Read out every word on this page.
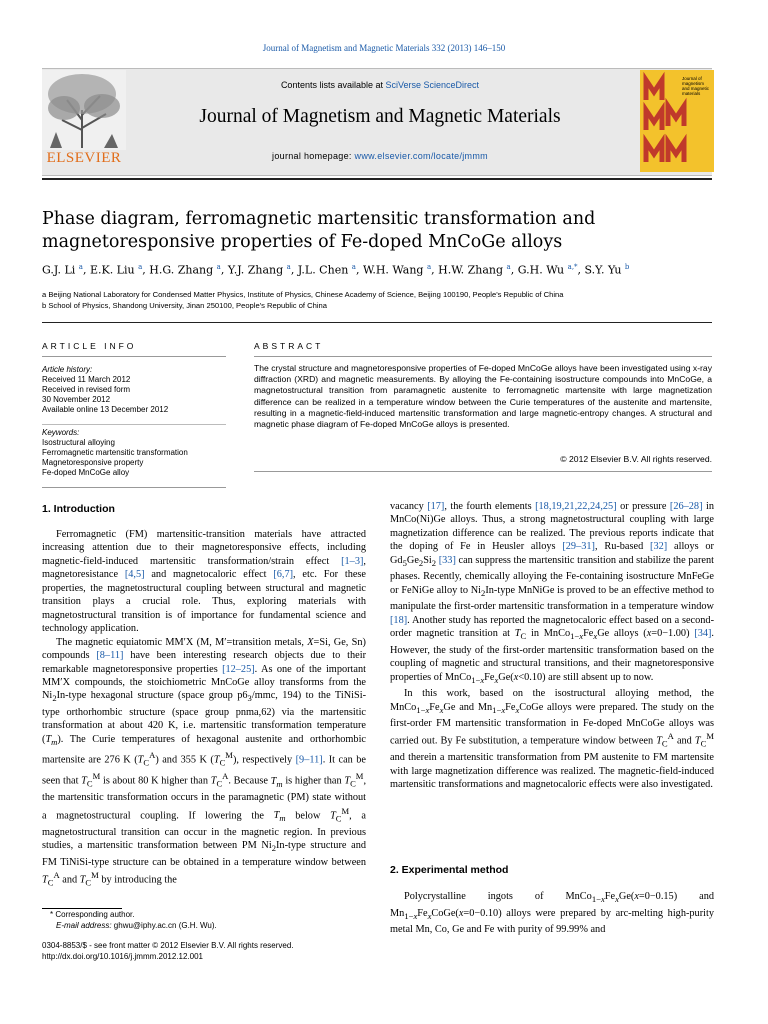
Journal of Magnetism and Magnetic Materials 332 (2013) 146–150
ELSEVIER
Contents lists available at SciVerse ScienceDirect
Journal of Magnetism and Magnetic Materials
journal homepage: www.elsevier.com/locate/jmmm
Journal of magnetism and magnetic materials
Phase diagram, ferromagnetic martensitic transformation and
magnetoresponsive properties of Fe-doped MnCoGe alloys
G.J. Li $^a$, E.K. Liu $^a$, H.G. Zhang $^a$, Y.J. Zhang $^a$, J.L. Chen $^a$, W.H. Wang $^a$, H.W. Zhang $^a$, G.H. Wu $^{a,*}$, S.Y. Yu $^b$
a Beijing National Laboratory for Condensed Matter Physics, Institute of Physics, Chinese Academy of Science, Beijing 100190, People's Republic of China
b School of Physics, Shandong University, Jinan 250100, People's Republic of China
ARTICLE INFO	ABSTRACT
Article history:
Received 11 March 2012
Received in revised form
30 November 2012
Available online 13 December 2012
Keywords:
Isostructural alloying
Ferromagnetic martensitic transformation
Magnetoresponsive property
Fe-doped MnCoGe alloy
The crystal structure and magnetoresponsive properties of Fe-doped MnCoGe alloys have been investigated using x-ray diffraction (XRD) and magnetic measurements. By alloying the Fe-containing isostructure compounds into MnCoGe, a magnetostructural transition from paramagnetic austenite to ferromagnetic martensite with large magnetization difference can be realized in a temperature window between the Curie temperatures of the austenite and martensite, resulting in a magnetic-field-induced martensitic transformation and large magnetic-entropy changes. A structural and magnetic phase diagram of Fe-doped MnCoGe alloys is presented.
© 2012 Elsevier B.V. All rights reserved.
1. Introduction

Ferromagnetic (FM) martensitic-transition materials have attracted increasing attention due to their magnetoresponsive effects, including magnetic-field-induced martensitic transformation/strain effect [1–3], magnetoresistance [4,5] and magnetocaloric effect [6,7], etc. For these properties, the magnetostructural coupling between structural and magnetic transition plays a crucial role. Thus, exploring materials with magnetostructural transition is of importance for fundamental science and technology application.

The magnetic equiatomic MM′X (M, M′=transition metals, X=Si, Ge, Sn) compounds [8–11] have been interesting research objects due to their remarkable magnetoresponsive properties [12–25]. As one of the important MM′X compounds, the stoichiometric MnCoGe alloy transforms from the $Ni_2In$-type hexagonal structure (space group $p6_3$/mmc, 194) to the TiNiSi-type orthorhombic structure (space group pnma,62) via the martensitic transformation at about 420 K, i.e. martensitic transformation temperature $(T_m)$. The Curie temperatures of hexagonal austenite and orthorhombic martensite are 276 K $(T_C^A)$ and 355 K $(T_C^M)$, respectively [9–11]. It can be seen that $T_C^M$ is about 80 K higher than $T_C^A$. Because $T_m$ is higher than $T_C^M$, the martensitic transformation occurs in the paramagnetic (PM) state without a magnetostructural coupling. If lowering the $T_m$ below $T_C^M$, a magnetostructural transition can occur in the magnetic region. In previous studies, a martensitic transformation between PM $Ni_2In$-type structure and FM TiNiSi-type structure can be obtained in a temperature window between $T_C^A$ and $T_C^M$ by introducing the

vacancy [17], the fourth elements [18,19,21,22,24,25] or pressure [26–28] in MnCo(Ni)Ge alloys. Thus, a strong magnetostructural coupling with large magnetization difference can be realized. The previous reports indicate that the doping of Fe in Heusler alloys [29–31], Ru-based [32] alloys or $Gd_5Ge_2Si_2$ [33] can suppress the martensitic transition and stabilize the parent phases. Recently, chemically alloying the Fe-containing isostructure MnFeGe or FeNiGe alloy to $Ni_2In$-type MnNiGe is proved to be an effective method to manipulate the first-order martensitic transformation in a temperature window [18]. Another study has reported the magnetocaloric effect based on a second-order magnetic transition at $T_C$ in $MnCo_{1-x}Fe_xGe$ alloys (x=0−1.00) [34]. However, the study of the first-order martensitic transformation based on the coupling of magnetic and structural transitions, and their magnetoresponsive properties of $MnCo_{1-x}Fe_xGe(x<0.10)$ are still absent up to now.

In this work, based on the isostructural alloying method, the $MnCo_{1-x}Fe_xGe$ and $Mn_{1-x}Fe_xCoGe$ alloys were prepared. The study on the first-order FM martensitic transformation in Fe-doped MnCoGe alloys was carried out. By Fe substitution, a temperature window between $T_C^A$ and $T_C^M$ and therein a martensitic transformation from PM austenite to FM martensite with large magnetization difference was realized. The magnetic-field-induced martensitic transformations and magnetocaloric effects were also investigated.

2. Experimental method

Polycrystalline ingots of $MnCo_{1-x}Fe_xGe(x=0-0.15)$ and $Mn_{1-x}Fe_xCoGe(x=0-0.10)$ alloys were prepared by arc-melting high-purity metal Mn, Co, Ge and Fe with purity of 99.99% and

* Corresponding author.
E-mail address: ghwu@iphy.ac.cn (G.H. Wu).
0304-8853/$ - see front matter © 2012 Elsevier B.V. All rights reserved.
http://dx.doi.org/10.1016/j.jmmm.2012.12.001
